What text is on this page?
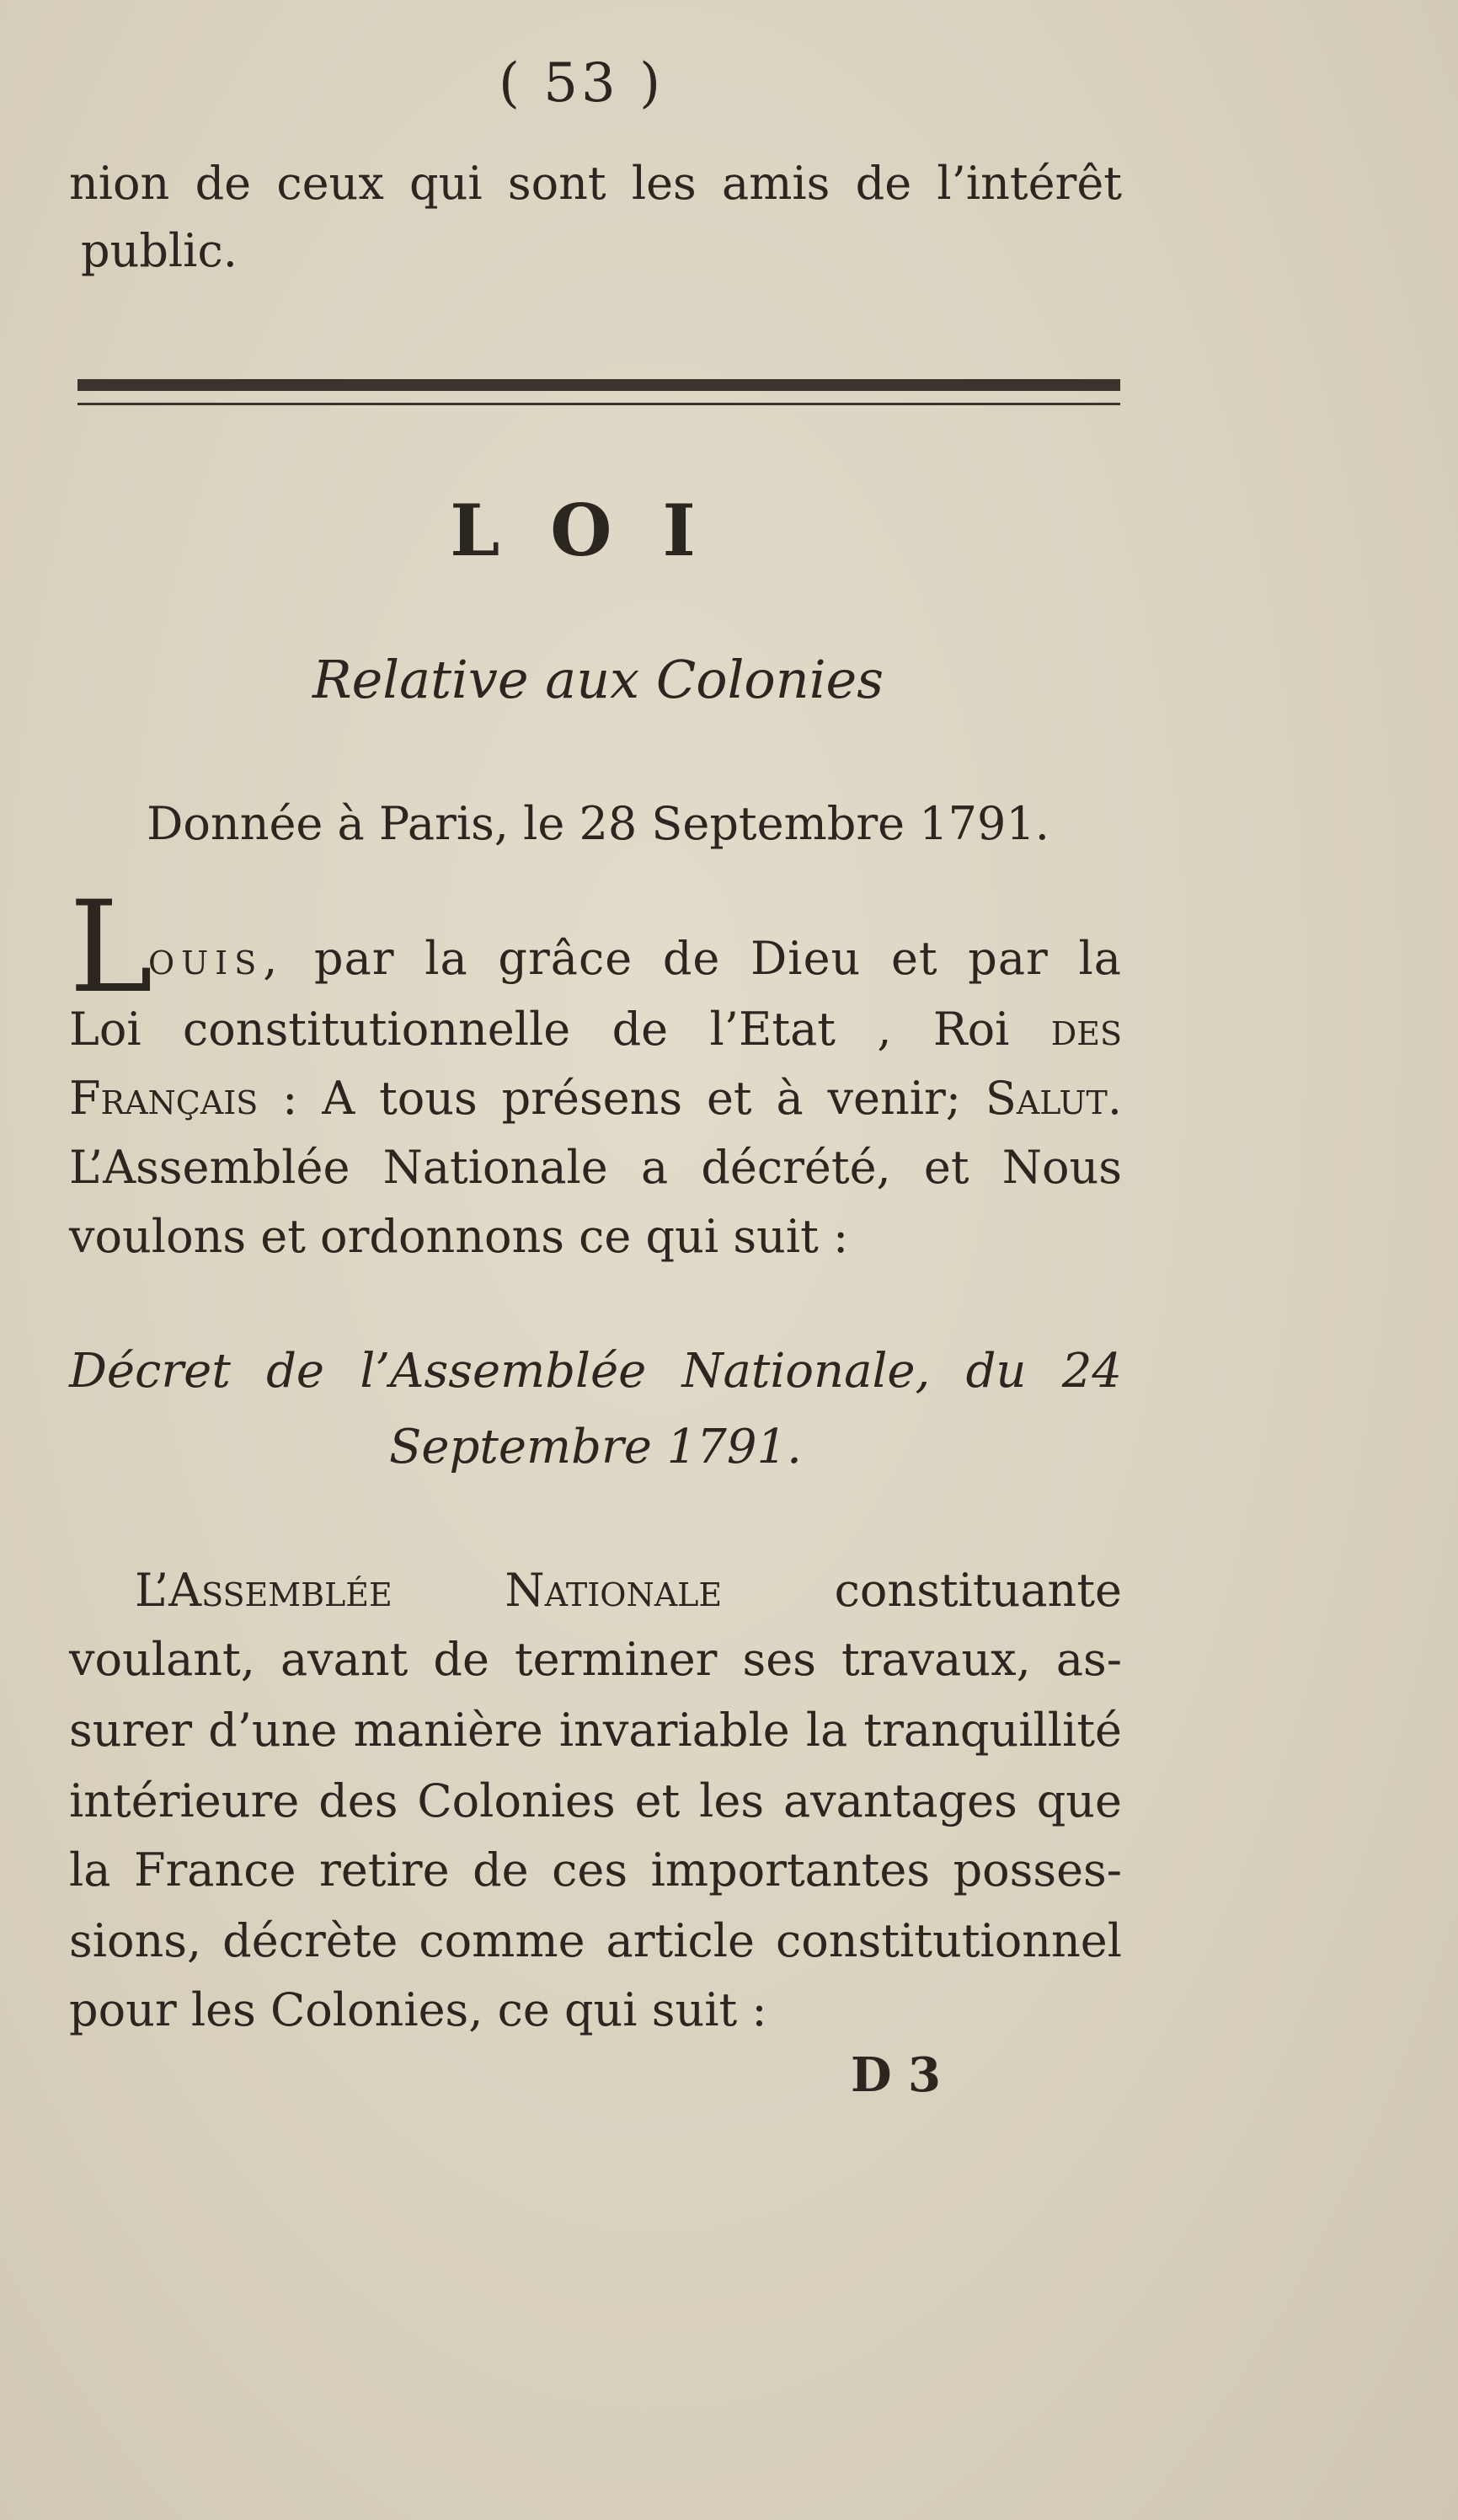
( 53 )
nion de ceux qui sont les amis de l’intérêt
public.
LOI
Relative aux Colonies
Donnée à Paris, le 28 Septembre 1791.
L
ouis, par la grâce de Dieu et par la
Loi constitutionnelle de l’Etat , Roi des
Français : A tous présens et à venir; Salut.
L’Assemblée Nationale a décrété, et Nous
voulons et ordonnons ce qui suit :
Décret de l’Assemblée Nationale, du 24
Septembre 1791.
L’Assemblée Nationale constituante
voulant, avant de terminer ses travaux, as-
surer d’une manière invariable la tranquillité
intérieure des Colonies et les avantages que
la France retire de ces importantes posses-
sions, décrète comme article constitutionnel
pour les Colonies, ce qui suit :
D 3
